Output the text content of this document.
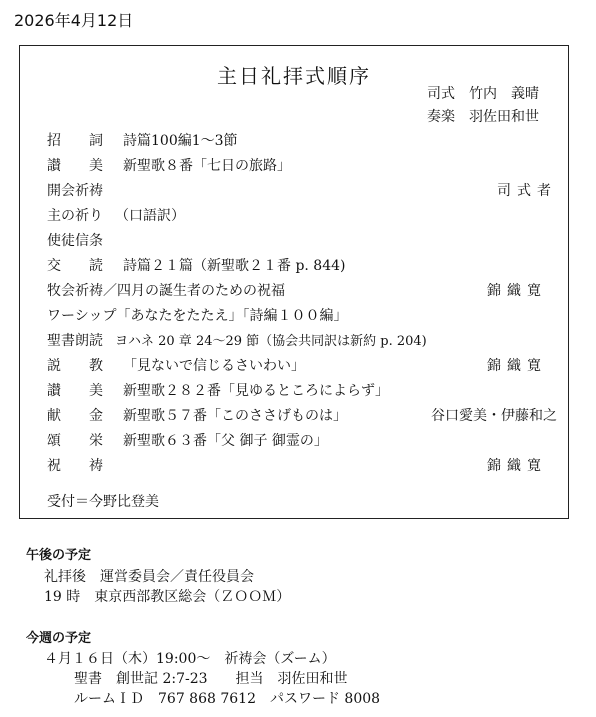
2026年4月12日
主日礼拝式順序
司式　竹内　義晴
奏楽　羽佐田和世
招　　詞 詩篇100編1～3節
讃　　美 新聖歌８番「七日の旅路」
開会祈祷	司式者
主の祈り （口語訳）
使徒信条
交　　読 詩篇２１篇（新聖歌２１番 p. 844)
牧会祈祷／四月の誕生者のための祝福	錦織寛
ワーシップ「あなたをたたえ」「詩編１００編」
聖書朗読 ヨハネ 20 章 24～29 節（協会共同訳は新約 p. 204)
説　　教 「見ないで信じるさいわい」	錦織寛
讃　　美 新聖歌２８２番「見ゆるところによらず」
献　　金 新聖歌５７番「このささげものは」	谷口愛美・伊藤和之
頌　　栄 新聖歌６３番「父 御子 御霊の」
祝　　祷	錦織寛
受付＝今野比登美
午後の予定
礼拝後　運営委員会／責任役員会
19 時　東京西部教区総会（ＺＯＯＭ）
今週の予定
４月１６日（木）19:00～　祈祷会（ズーム）
聖書　創世記 2:7-23　　担当　羽佐田和世
ルームＩＤ　767 868 7612　パスワード 8008
